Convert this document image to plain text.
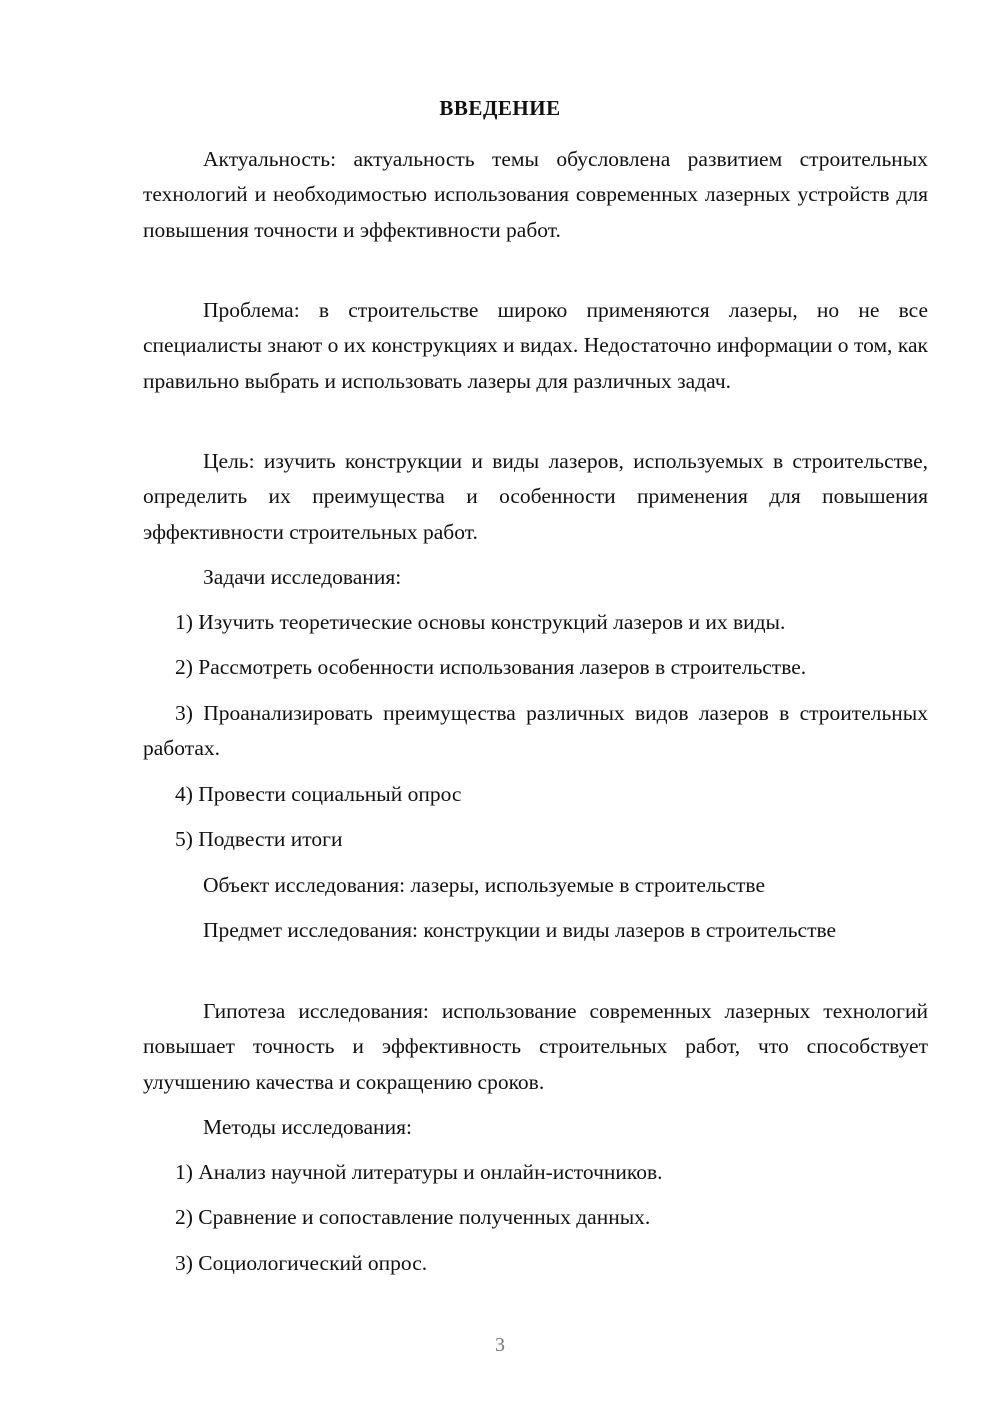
ВВЕДЕНИЕ

Актуальность: актуальность темы обусловлена развитием строительных технологий и необходимостью использования современных лазерных устройств для повышения точности и эффективности работ.

Проблема: в строительстве широко применяются лазеры, но не все специалисты знают о их конструкциях и видах. Недостаточно информации о том, как правильно выбрать и использовать лазеры для различных задач.

Цель: изучить конструкции и виды лазеров, используемых в строительстве, определить их преимущества и особенности применения для повышения эффективности строительных работ.

Задачи исследования:

1) Изучить теоретические основы конструкций лазеров и их виды.

2) Рассмотреть особенности использования лазеров в строительстве.

3) Проанализировать преимущества различных видов лазеров в строительных работах.

4) Провести социальный опрос

5) Подвести итоги

Объект исследования: лазеры, используемые в строительстве

Предмет исследования: конструкции и виды лазеров в строительстве

Гипотеза исследования: использование современных лазерных технологий повышает точность и эффективность строительных работ, что способствует улучшению качества и сокращению сроков.

Методы исследования:

1) Анализ научной литературы и онлайн-источников.

2) Сравнение и сопоставление полученных данных.

3) Социологический опрос.

3
